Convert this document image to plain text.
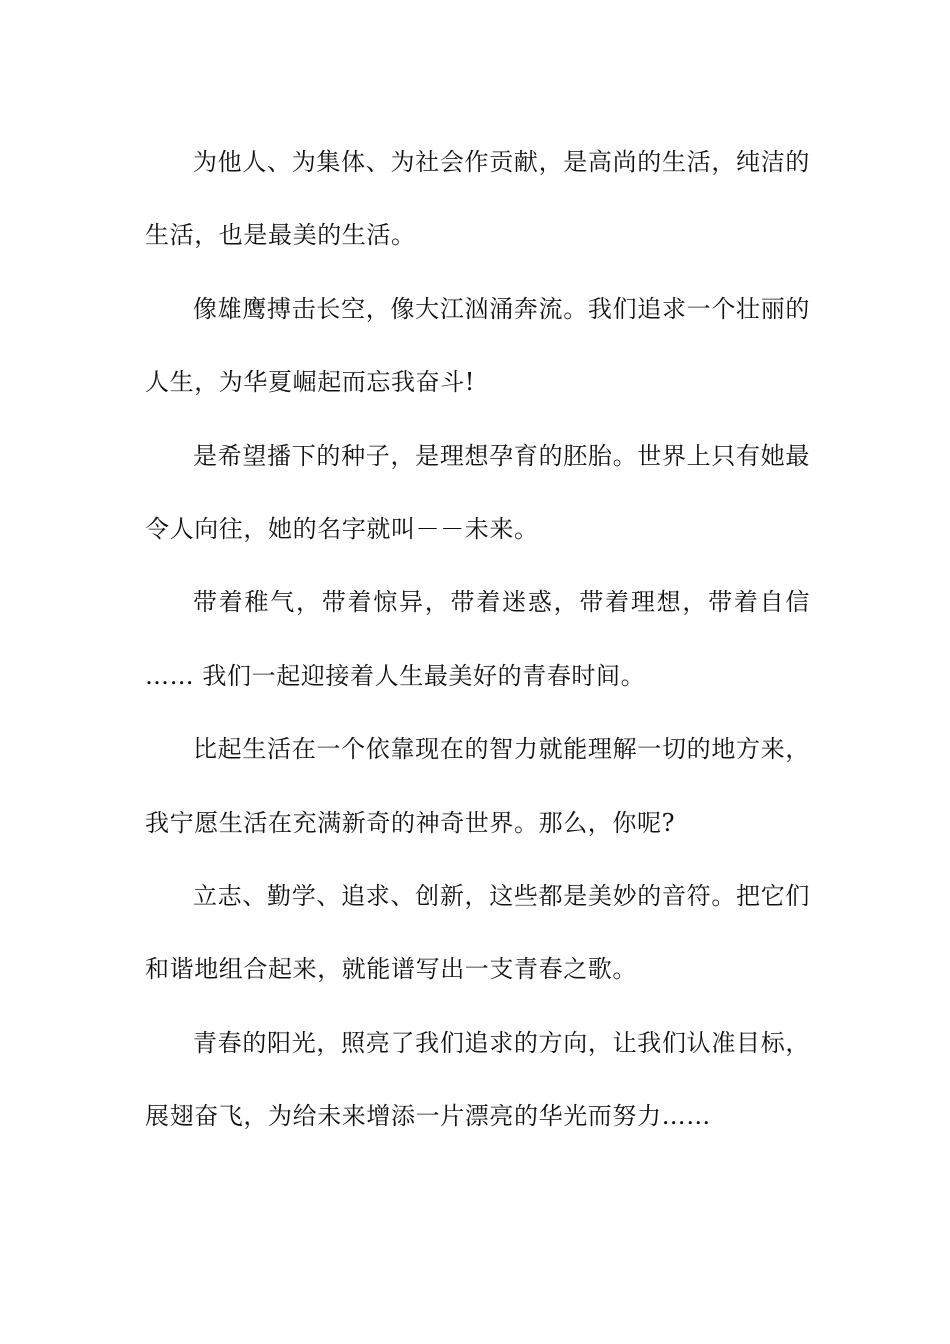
为他人、为集体、为社会作贡献，是高尚的生活，纯洁的生活，也是最美的生活。

像雄鹰搏击长空，像大江汹涌奔流。我们追求一个壮丽的人生，为华夏崛起而忘我奋斗!

是希望播下的种子，是理想孕育的胚胎。世界上只有她最令人向往，她的名字就叫－－未来。

带着稚气，带着惊异，带着迷惑，带着理想，带着自信 …… 我们一起迎接着人生最美好的青春时间。

比起生活在一个依靠现在的智力就能理解一切的地方来，我宁愿生活在充满新奇的神奇世界。那么，你呢?

立志、勤学、追求、创新，这些都是美妙的音符。把它们和谐地组合起来，就能谱写出一支青春之歌。

青春的阳光，照亮了我们追求的方向，让我们认准目标，展翅奋飞，为给未来增添一片漂亮的华光而努力……
